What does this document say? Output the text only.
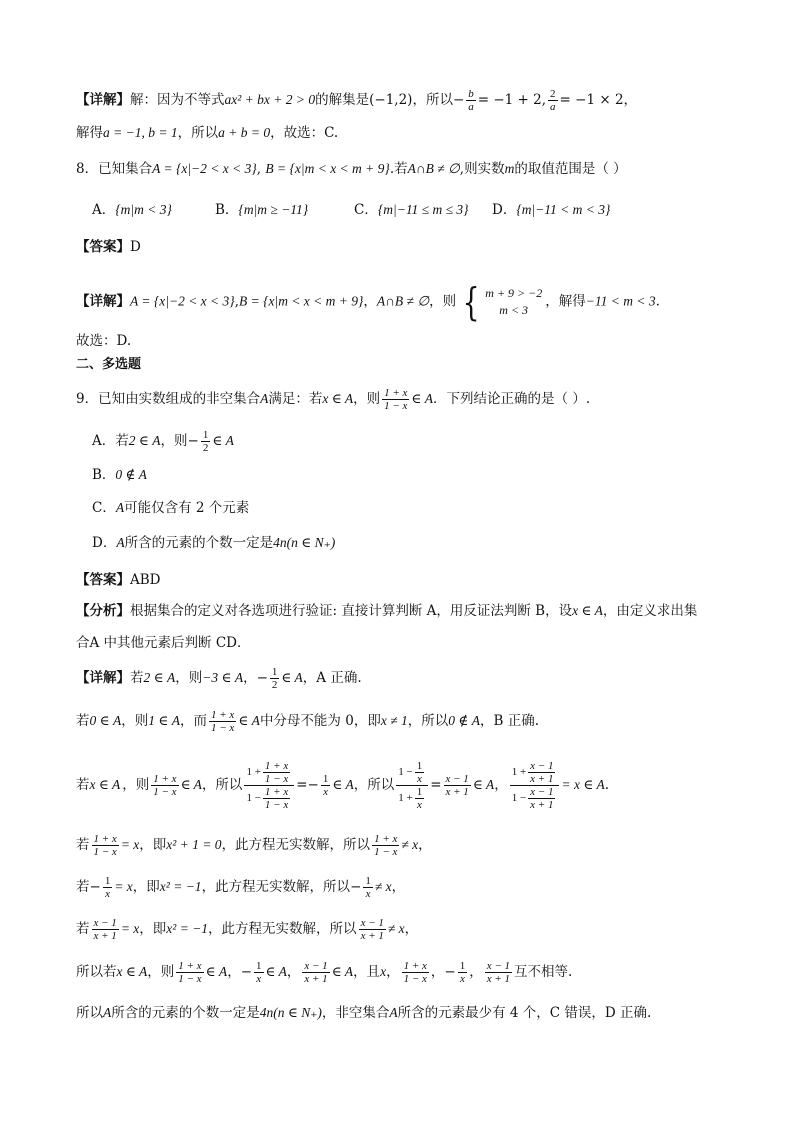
【详解】解：因为不等式ax² + bx + 2 > 0的解集是(−1,2)，所以− $\frac{b}{a} = -1 + 2$, $\frac{2}{a} = -1 \times 2$，
解得a = −1, b = 1，所以a + b = 0，故选：C.
8．已知集合A = {x|−2 < x < 3}, B = {x|m < x < m + 9}.若A∩B ≠ ∅,则实数m的取值范围是（ ）
A．{m|m < 3}	B．{m|m ≥ −11}	C．{m|−11 ≤ m ≤ 3} D．{m|−11 < m < 3}
【答案】D
【详解】A = {x|−2 < x < 3},B = {x|m < x < m + 9}，A∩B ≠ ∅，则 { m + 9 > −2
m < 3
，解得−11 < m < 3.
故选：D.
二、多选题
9．已知由实数组成的非空集合A满足：若x ∈ A，则 $\frac{1 + x}{1 - x}$ ∈ A．下列结论正确的是（ ）.
A．若2 ∈ A，则− $\frac{1}{2}$ ∈ A
B．0 ∉ A
C．A可能仅含有 2 个元素
D．A所含的元素的个数一定是4n(n ∈ N₊)
【答案】ABD
【分析】根据集合的定义对各选项进行验证: 直接计算判断 A，用反证法判断 B，设x ∈ A，由定义求出集
合A 中其他元素后判断 CD．
【详解】若2 ∈ A，则−3 ∈ A，− $\frac{1}{2}$ ∈ A，A 正确.
若0 ∈ A，则1 ∈ A，而 $\frac{1 + x}{1 - x}$ ∈ A中分母不能为 0，即x ≠ 1，所以0 ∉ A，B 正确.
若 x ∈ A ，则 $\frac{1 + x}{1 - x}$ ∈ A ，所以 $\frac{1 + \frac{1 + x}{1 - x}}{1 - \frac{1 + x}{1 - x}}$ = − $\frac{1}{x}$ ∈ A ，所以 $\frac{1 - \frac{1}{x}}{1 + \frac{1}{x}} = \frac{x - 1}{x + 1}$ ∈ A ， $\frac{1 + \frac{x - 1}{x + 1}}{1 - \frac{x - 1}{x + 1}} = x$ ∈ A .
若 $\frac{1 + x}{1 - x} = x$，即x² + 1 = 0，此方程无实数解，所以 $\frac{1 + x}{1 - x} \ne x$，
若− $\frac{1}{x} = x$，即x² = −1，此方程无实数解，所以− $\frac{1}{x} \ne x$，
若 $\frac{x - 1}{x + 1} = x$，即x² = −1，此方程无实数解，所以 $\frac{x - 1}{x + 1} \ne x$，
所以若x ∈ A，则 $\frac{1 + x}{1 - x}$ ∈ A，− $\frac{1}{x}$ ∈ A， $\frac{x - 1}{x + 1}$ ∈ A，且x， $\frac{1 + x}{1 - x}$ ，− $\frac{1}{x}$ ， $\frac{x - 1}{x + 1}$ 互不相等.
所以A所含的元素的个数一定是4n(n ∈ N₊)，非空集合A所含的元素最少有 4 个，C 错误，D 正确.
